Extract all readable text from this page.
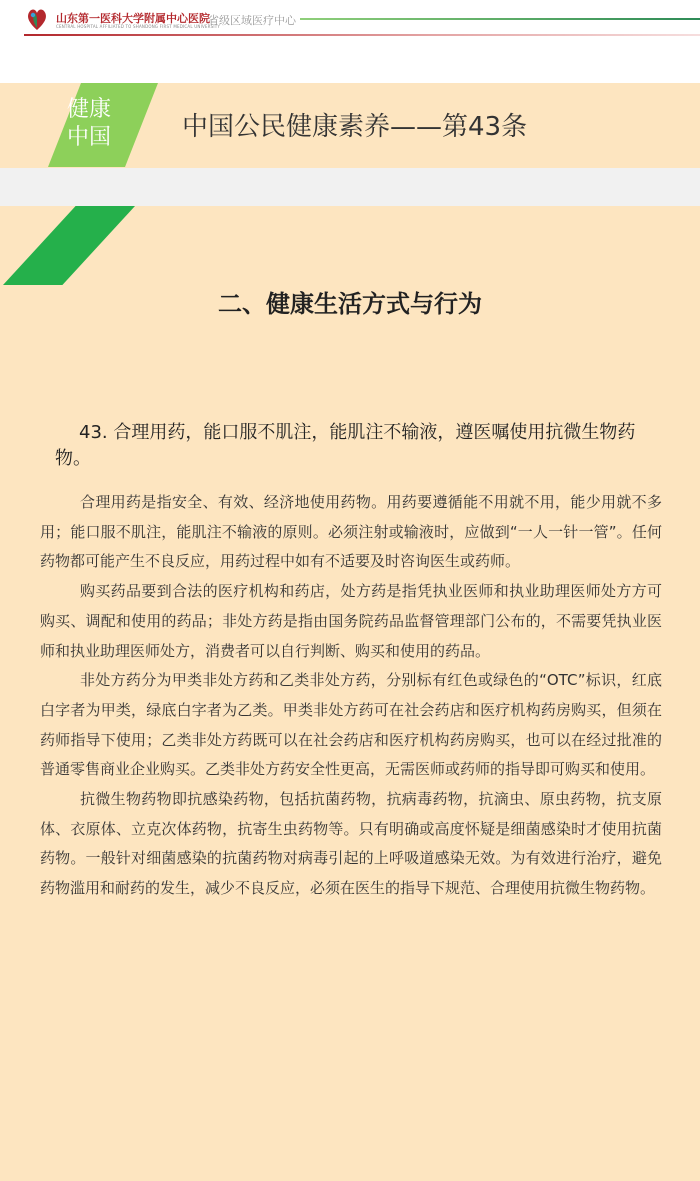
山东第一医科大学附属中心医院
CENTRAL HOSPITAL AFFILIATED TO SHANDONG FIRST MEDICAL UNIVERSITY
省级区域医疗中心
健康
中国	中国公民健康素养——第43条
二、健康生活方式与行为
43. 合理用药，能口服不肌注，能肌注不输液，遵医嘱使用抗微生物药物。

合理用药是指安全、有效、经济地使用药物。用药要遵循能不用就不用，能少用就不多用；能口服不肌注，能肌注不输液的原则。必须注射或输液时，应做到“一人一针一管”。任何药物都可能产生不良反应，用药过程中如有不适要及时咨询医生或药师。

购买药品要到合法的医疗机构和药店，处方药是指凭执业医师和执业助理医师处方方可购买、调配和使用的药品；非处方药是指由国务院药品监督管理部门公布的，不需要凭执业医师和执业助理医师处方，消费者可以自行判断、购买和使用的药品。

非处方药分为甲类非处方药和乙类非处方药，分别标有红色或绿色的“OTC”标识，红底白字者为甲类，绿底白字者为乙类。甲类非处方药可在社会药店和医疗机构药房购买，但须在药师指导下使用；乙类非处方药既可以在社会药店和医疗机构药房购买，也可以在经过批准的普通零售商业企业购买。乙类非处方药安全性更高，无需医师或药师的指导即可购买和使用。

抗微生物药物即抗感染药物，包括抗菌药物，抗病毒药物，抗滴虫、原虫药物，抗支原体、衣原体、立克次体药物，抗寄生虫药物等。只有明确或高度怀疑是细菌感染时才使用抗菌药物。一般针对细菌感染的抗菌药物对病毒引起的上呼吸道感染无效。为有效进行治疗，避免药物滥用和耐药的发生，减少不良反应，必须在医生的指导下规范、合理使用抗微生物药物。
